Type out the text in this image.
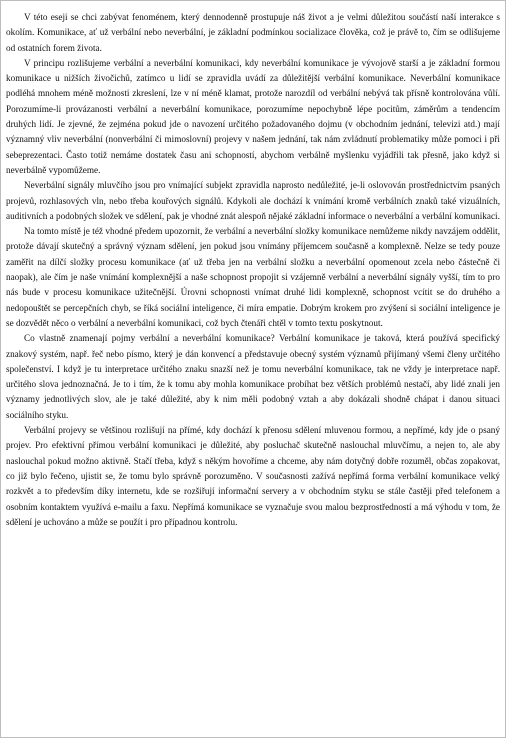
V této eseji se chci zabývat fenoménem, který dennodenně prostupuje náš život a je velmi důležitou součástí naší interakce s okolím. Komunikace, ať už verbální nebo neverbální, je základní podmínkou socializace člověka, což je právě to, čím se odlišujeme od ostatních forem života.

V principu rozlišujeme verbální a neverbální komunikaci, kdy neverbální komunikace je vývojově starší a je základní formou komunikace u nižších živočichů, zatímco u lidí se zpravidla uvádí za důležitější verbální komunikace. Neverbální komunikace podléhá mnohem méně možnosti zkreslení, lze v ní méně klamat, protože narozdíl od verbální nebývá tak přísně kontrolována vůlí. Porozumíme-li provázanosti verbální a neverbální komunikace, porozumíme nepochybně lépe pocitům, záměrům a tendencím druhých lidí. Je zjevné, že zejména pokud jde o navození určitého požadovaného dojmu (v obchodním jednání, televizi atd.) mají významný vliv neverbální (nonverbální či mimoslovní) projevy v našem jednání, tak nám zvládnutí problematiky může pomoci i při sebeprezentaci. Často totiž nemáme dostatek času ani schopností, abychom verbálně myšlenku vyjádřili tak přesně, jako když si neverbálně vypomůžeme.

Neverbální signály mluvčího jsou pro vnímající subjekt zpravidla naprosto nedůležité, je-li oslovován prostřednictvím psaných projevů, rozhlasových vln, nebo třeba kouřových signálů. Kdykoli ale dochází k vnímání kromě verbálních znaků také vizuálních, auditivních a podobných složek ve sdělení, pak je vhodné znát alespoň nějaké základní informace o neverbální a verbální komunikaci.

Na tomto místě je též vhodné předem upozornit, že verbální a neverbální složky komunikace nemůžeme nikdy navzájem oddělit, protože dávají skutečný a správný význam sdělení, jen pokud jsou vnímány příjemcem současně a komplexně. Nelze se tedy pouze zaměřit na dílčí složky procesu komunikace (ať už třeba jen na verbální složku a neverbální opomenout zcela nebo částečně či naopak), ale čím je naše vnímání komplexnější a naše schopnost propojit si vzájemně verbální a neverbální signály vyšší, tím to pro nás bude v procesu komunikace užitečnější. Úrovni schopnosti vnímat druhé lidi komplexně, schopnost vcítit se do druhého a nedopouštět se percepčních chyb, se říká sociální inteligence, či míra empatie. Dobrým krokem pro zvýšení si sociální inteligence je se dozvědět něco o verbální a neverbální komunikaci, což bych čtenáři chtěl v tomto textu poskytnout.

Co vlastně znamenají pojmy verbální a neverbální komunikace? Verbální komunikace je taková, která používá specifický znakový systém, např. řeč nebo písmo, který je dán konvencí a představuje obecný systém významů přijímaný všemi členy určitého společenství. I když je tu interpretace určitého znaku snazší než je tomu neverbální komunikace, tak ne vždy je interpretace např. určitého slova jednoznačná. Je to i tím, že k tomu aby mohla komunikace probíhat bez větších problémů nestačí, aby lidé znali jen významy jednotlivých slov, ale je také důležité, aby k nim měli podobný vztah a aby dokázali shodně chápat i danou situaci sociálního styku.

Verbální projevy se většinou rozlišují na přímé, kdy dochází k přenosu sdělení mluvenou formou, a nepřímé, kdy jde o psaný projev. Pro efektivní přímou verbální komunikaci je důležité, aby posluchač skutečně naslouchal mluvčímu, a nejen to, ale aby naslouchal pokud možno aktivně. Stačí třeba, když s někým hovoříme a chceme, aby nám dotyčný dobře rozuměl, občas zopakovat, co již bylo řečeno, ujistit se, že tomu bylo správně porozuměno. V současnosti zažívá nepřímá forma verbální komunikace velký rozkvět a to především díky internetu, kde se rozšiřují informační servery a v obchodním styku se stále častěji před telefonem a osobním kontaktem využívá e-mailu a faxu. Nepřímá komunikace se vyznačuje svou malou bezprostředností a má výhodu v tom, že sdělení je uchováno a může se použít i pro případnou kontrolu.
